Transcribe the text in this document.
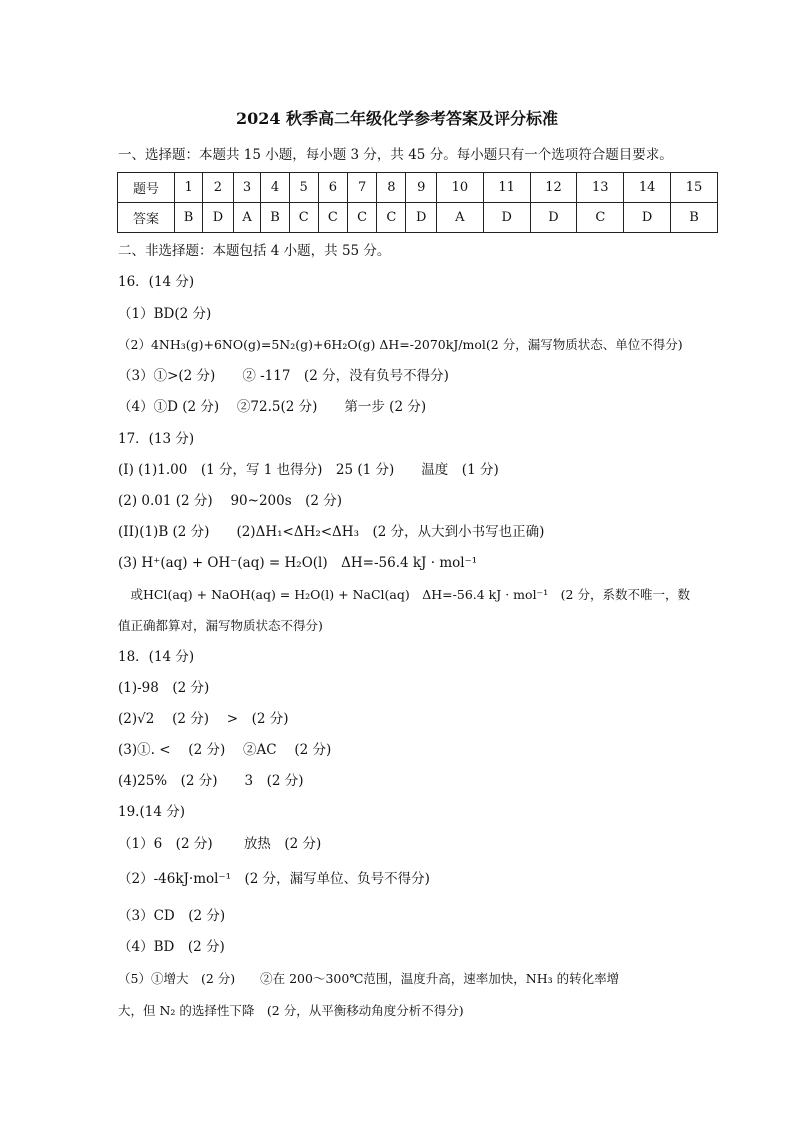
2024 秋季高二年级化学参考答案及评分标准
一、选择题：本题共 15 小题，每小题 3 分，共 45 分。每小题只有一个选项符合题目要求。
题号	1	2	3	4	5	6	7	8	9	10	11	12	13	14	15
答案	B	D	A	B	C	C	C	C	D	A	D	D	C	D	B
二、非选择题：本题包括 4 小题，共 55 分。
16．(14 分)
（1）BD(2 分)
（2）4NH₃(g)+6NO(g)=5N₂(g)+6H₂O(g) ΔH=-2070kJ/mol(2 分，漏写物质状态、单位不得分)
（3）①>(2 分)　　② -117　(2 分，没有负号不得分)
（4）①D (2 分)　 ②72.5(2 分)　　第一步 (2 分)
17．(13 分)
(I) (1)1.00　(1 分，写 1 也得分)　25 (1 分)　　温度　(1 分)
(2) 0.01 (2 分)　 90~200s　(2 分)
(II)(1)B (2 分)　　(2)ΔH₁<ΔH₂<ΔH₃　(2 分，从大到小书写也正确)
(3) H⁺(aq) + OH⁻(aq) = H₂O(l)　ΔH=-56.4 kJ · mol⁻¹
　或HCl(aq) + NaOH(aq) = H₂O(l) + NaCl(aq)　ΔH=-56.4 kJ · mol⁻¹　(2 分，系数不唯一，数
值正确都算对，漏写物质状态不得分)
18．(14 分)
(1)-98　(2 分)
(2)√2　 (2 分)　 >　(2 分)
(3)①. <　 (2 分)　 ②AC　 (2 分)
(4)25%　(2 分)　　3　(2 分)
19.(14 分)
（1）6　(2 分)　　 放热　(2 分)
（2）-46kJ·mol⁻¹　(2 分，漏写单位、负号不得分)
（3）CD　(2 分)
（4）BD　(2 分)
（5）①增大　(2 分)　　②在 200～300℃范围，温度升高，速率加快，NH₃ 的转化率增
大，但 N₂ 的选择性下降　(2 分，从平衡移动角度分析不得分)
